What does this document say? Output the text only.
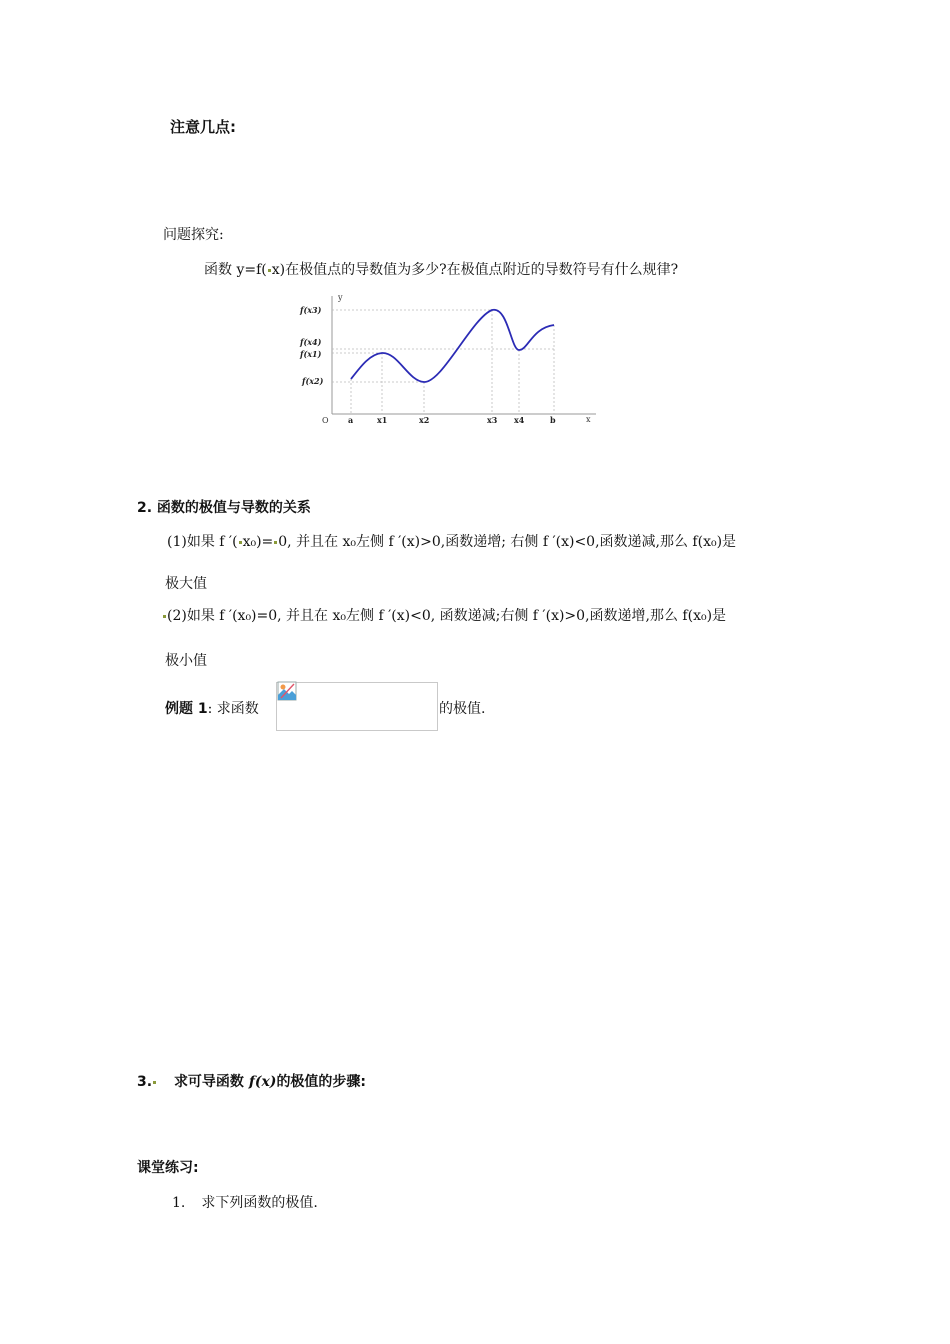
注意几点:
问题探究:
函数 y=f( x)在极值点的导数值为多少?在极值点附近的导数符号有什么规律?
y
x
O
f(x3)
f(x4)
f(x1)
f(x2)
a	x1	x2	x3 x4	b
2. 函数的极值与导数的关系
(1)如果 f ′( x₀)= 0, 并且在 x₀左侧 f ′(x)>0,函数递增; 右侧 f ′(x)<0,函数递减,那么 f(x₀)是
极大值
(2)如果 f ′(x₀)=0, 并且在 x₀左侧 f ′(x)<0, 函数递减;右侧 f ′(x)>0,函数递增,那么 f(x₀)是
极小值
例题 1: 求函数	的极值.
3. 求可导函数 f(x)的极值的步骤:
课堂练习:
1. 求下列函数的极值.
